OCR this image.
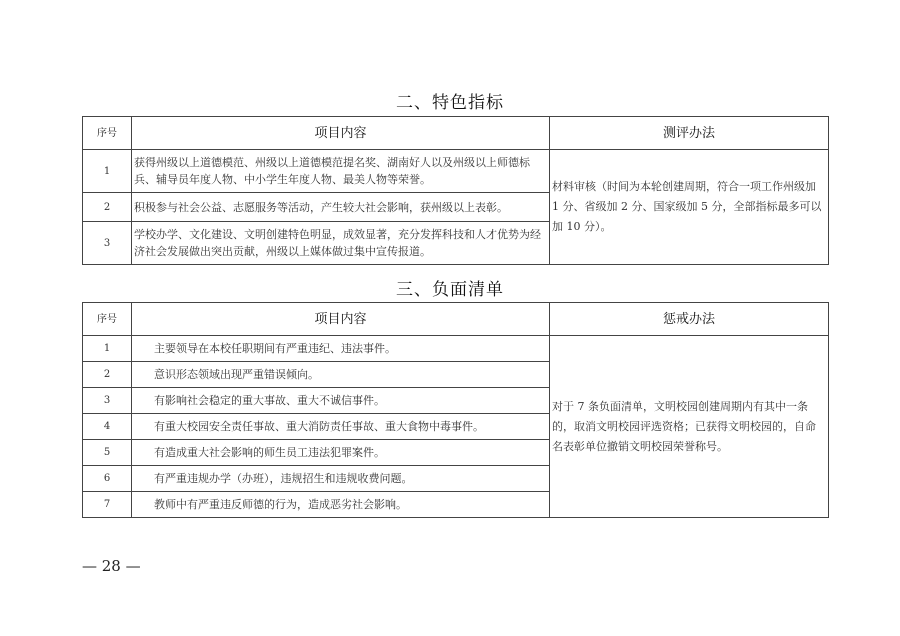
二、特色指标
序号	项目内容	测评办法
1	获得州级以上道德模范、州级以上道德模范提名奖、湖南好人以及州级以上师德标兵、辅导员年度人物、中小学生年度人物、最美人物等荣誉。	材料审核（时间为本轮创建周期，符合一项工作州级加 1 分、省级加 2 分、国家级加 5 分，全部指标最多可以加 10 分）。

2	积极参与社会公益、志愿服务等活动，产生较大社会影响，获州级以上表彰。	
3	学校办学、文化建设、文明创建特色明显，成效显著，充分发挥科技和人才优势为经济社会发展做出突出贡献，州级以上媒体做过集中宣传报道。	
三、负面清单
序号	项目内容	惩戒办法
1	主要领导在本校任职期间有严重违纪、违法事件。	对于 7 条负面清单，文明校园创建周期内有其中一条的，取消文明校园评选资格；已获得文明校园的，自命名表彰单位撤销文明校园荣誉称号。

2	意识形态领域出现严重错误倾向。	
3	有影响社会稳定的重大事故、重大不诚信事件。	
4	有重大校园安全责任事故、重大消防责任事故、重大食物中毒事件。	
5	有造成重大社会影响的师生员工违法犯罪案件。	
6	有严重违规办学（办班），违规招生和违规收费问题。	
7	教师中有严重违反师德的行为，造成恶劣社会影响。	
— 28 —
